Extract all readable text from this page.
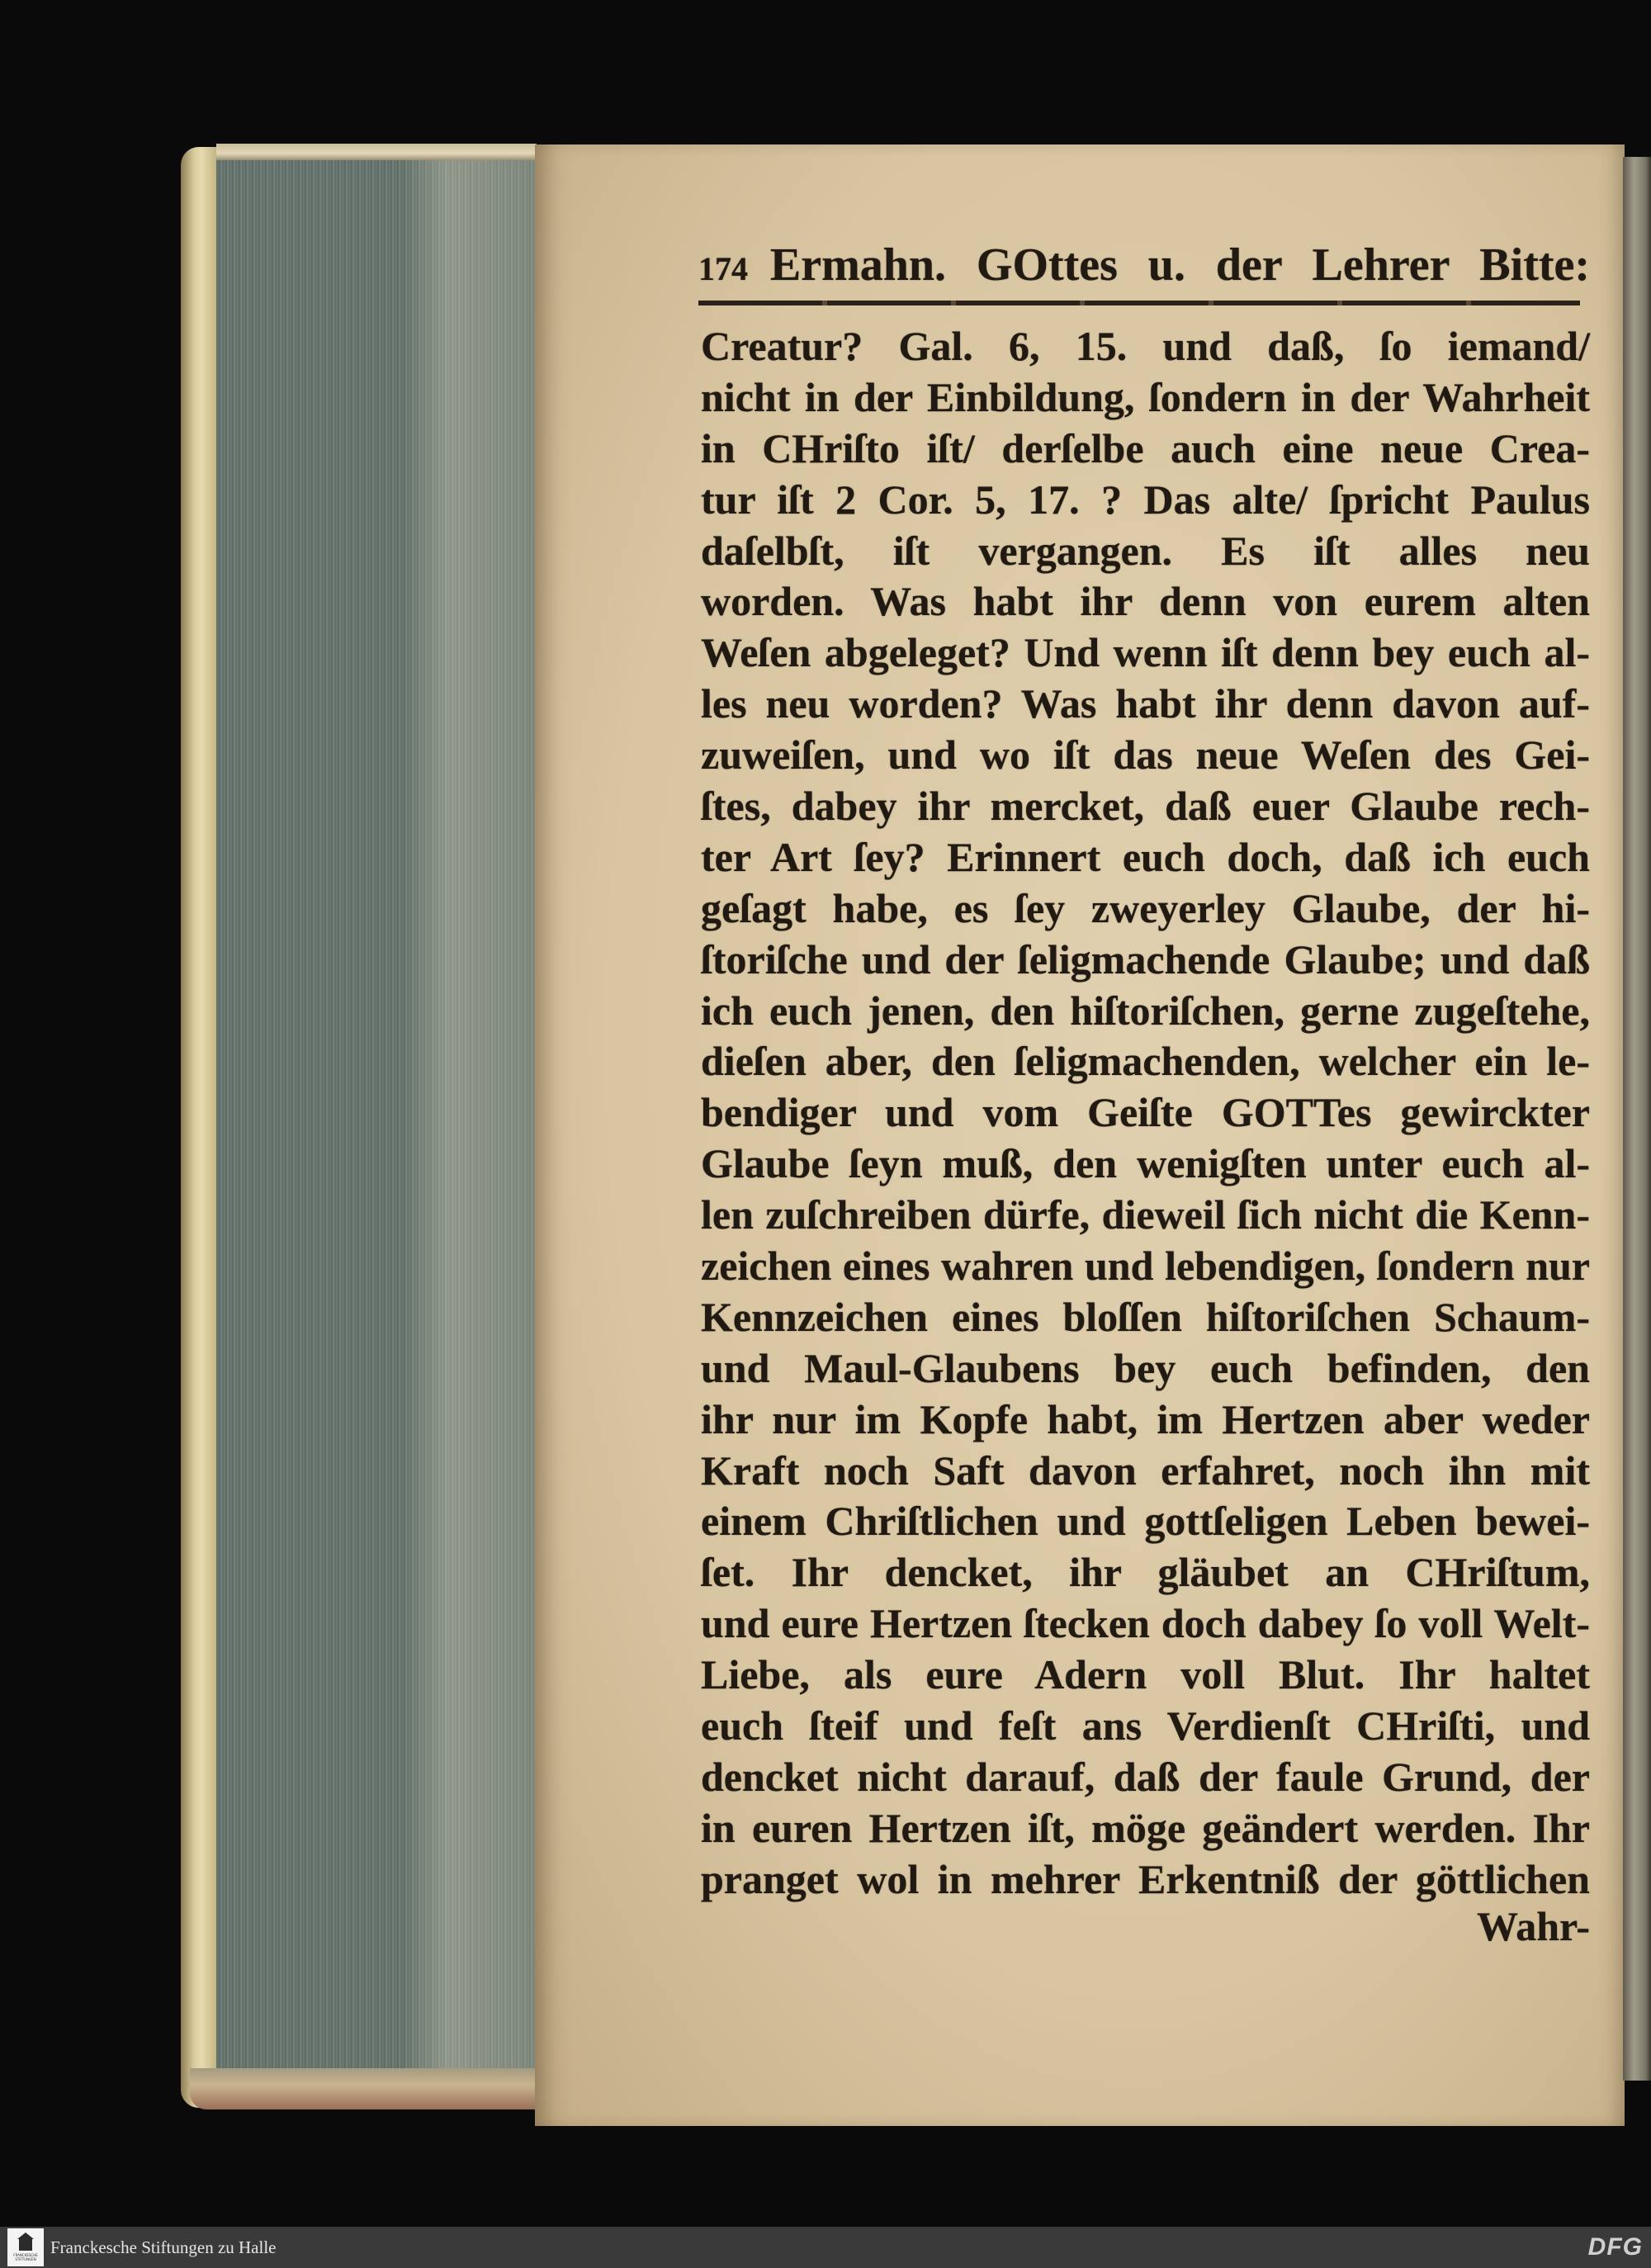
174 Ermahn. GOttes u. der Lehrer Bitte:
Creatur? Gal. 6, 15. und daß, ſo iemand/
nicht in der Einbildung, ſondern in der Wahrheit
in CHriſto iſt/ derſelbe auch eine neue Crea-
tur iſt 2 Cor. 5, 17. ? Das alte/ ſpricht Paulus
daſelbſt, iſt vergangen. Es iſt alles neu
worden. Was habt ihr denn von eurem alten
Weſen abgeleget? Und wenn iſt denn bey euch al-
les neu worden? Was habt ihr denn davon auf-
zuweiſen, und wo iſt das neue Weſen des Gei-
ſtes, dabey ihr mercket, daß euer Glaube rech-
ter Art ſey? Erinnert euch doch, daß ich euch
geſagt habe, es ſey zweyerley Glaube, der hi-
ſtoriſche und der ſeligmachende Glaube; und daß
ich euch jenen, den hiſtoriſchen, gerne zugeſtehe,
dieſen aber, den ſeligmachenden, welcher ein le-
bendiger und vom Geiſte GOTTes gewirckter
Glaube ſeyn muß, den wenigſten unter euch al-
len zuſchreiben dürfe, dieweil ſich nicht die Kenn-
zeichen eines wahren und lebendigen, ſondern nur
Kennzeichen eines bloſſen hiſtoriſchen Schaum-
und Maul-Glaubens bey euch befinden, den
ihr nur im Kopfe habt, im Hertzen aber weder
Kraft noch Saft davon erfahret, noch ihn mit
einem Chriſtlichen und gottſeligen Leben bewei-
ſet. Ihr dencket, ihr gläubet an CHriſtum,
und eure Hertzen ſtecken doch dabey ſo voll Welt-
Liebe, als eure Adern voll Blut. Ihr haltet
euch ſteif und feſt ans Verdienſt CHriſti, und
dencket nicht darauf, daß der faule Grund, der
in euren Hertzen iſt, möge geändert werden. Ihr
pranget wol in mehrer Erkentniß der göttlichen
Wahr-
FRANCKESCHE STIFTUNGEN
Franckesche Stiftungen zu Halle	DFG
